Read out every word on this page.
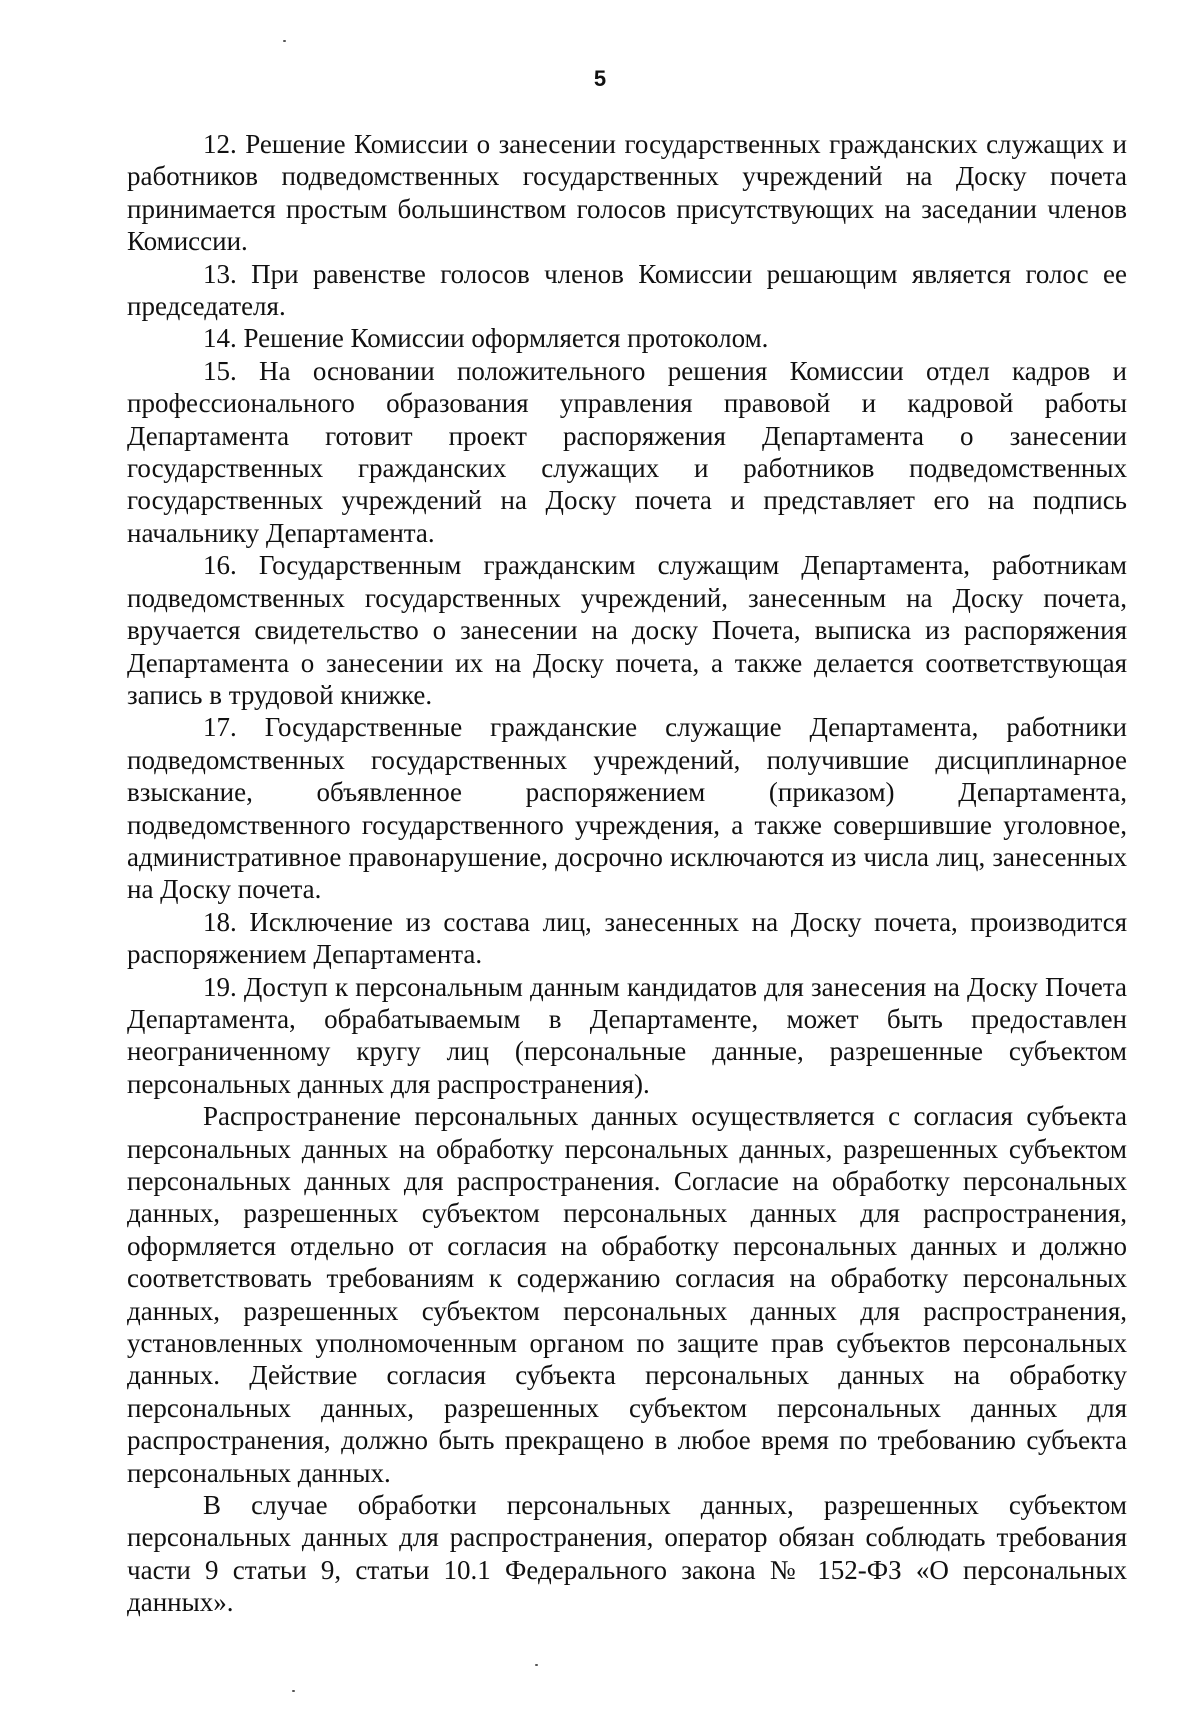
5

12. Решение Комиссии о занесении государственных гражданских служащих и работников подведомственных государственных учреждений на Доску почета принимается простым большинством голосов присутствующих на заседании членов Комиссии.

13. При равенстве голосов членов Комиссии решающим является голос ее председателя.

14. Решение Комиссии оформляется протоколом.

15. На основании положительного решения Комиссии отдел кадров и профессионального образования управления правовой и кадровой работы Департамента готовит проект распоряжения Департамента о занесении государственных гражданских служащих и работников подведомственных государственных учреждений на Доску почета и представляет его на подпись начальнику Департамента.

16. Государственным гражданским служащим Департамента, работникам подведомственных государственных учреждений, занесенным на Доску почета, вручается свидетельство о занесении на доску Почета, выписка из распоряжения Департамента о занесении их на Доску почета, а также делается соответствующая запись в трудовой книжке.

17. Государственные гражданские служащие Департамента, работники подведомственных государственных учреждений, получившие дисциплинарное взыскание, объявленное распоряжением (приказом) Департамента, подведомственного государственного учреждения, а также совершившие уголовное, административное правонарушение, досрочно исключаются из числа лиц, занесенных на Доску почета.

18. Исключение из состава лиц, занесенных на Доску почета, производится распоряжением Департамента.

19. Доступ к персональным данным кандидатов для занесения на Доску Почета Департамента, обрабатываемым в Департаменте, может быть предоставлен неограниченному кругу лиц (персональные данные, разрешенные субъектом персональных данных для распространения).

Распространение персональных данных осуществляется с согласия субъекта персональных данных на обработку персональных данных, разрешенных субъектом персональных данных для распространения. Согласие на обработку персональных данных, разрешенных субъектом персональных данных для распространения, оформляется отдельно от согласия на обработку персональных данных и должно соответствовать требованиям к содержанию согласия на обработку персональных данных, разрешенных субъектом персональных данных для распространения, установленных уполномоченным органом по защите прав субъектов персональных данных. Действие согласия субъекта персональных данных на обработку персональных данных, разрешенных субъектом персональных данных для распространения, должно быть прекращено в любое время по требованию субъекта персональных данных.

В случае обработки персональных данных, разрешенных субъектом персональных данных для распространения, оператор обязан соблюдать требования части 9 статьи 9, статьи 10.1 Федерального закона № 152-ФЗ «О персональных данных».
